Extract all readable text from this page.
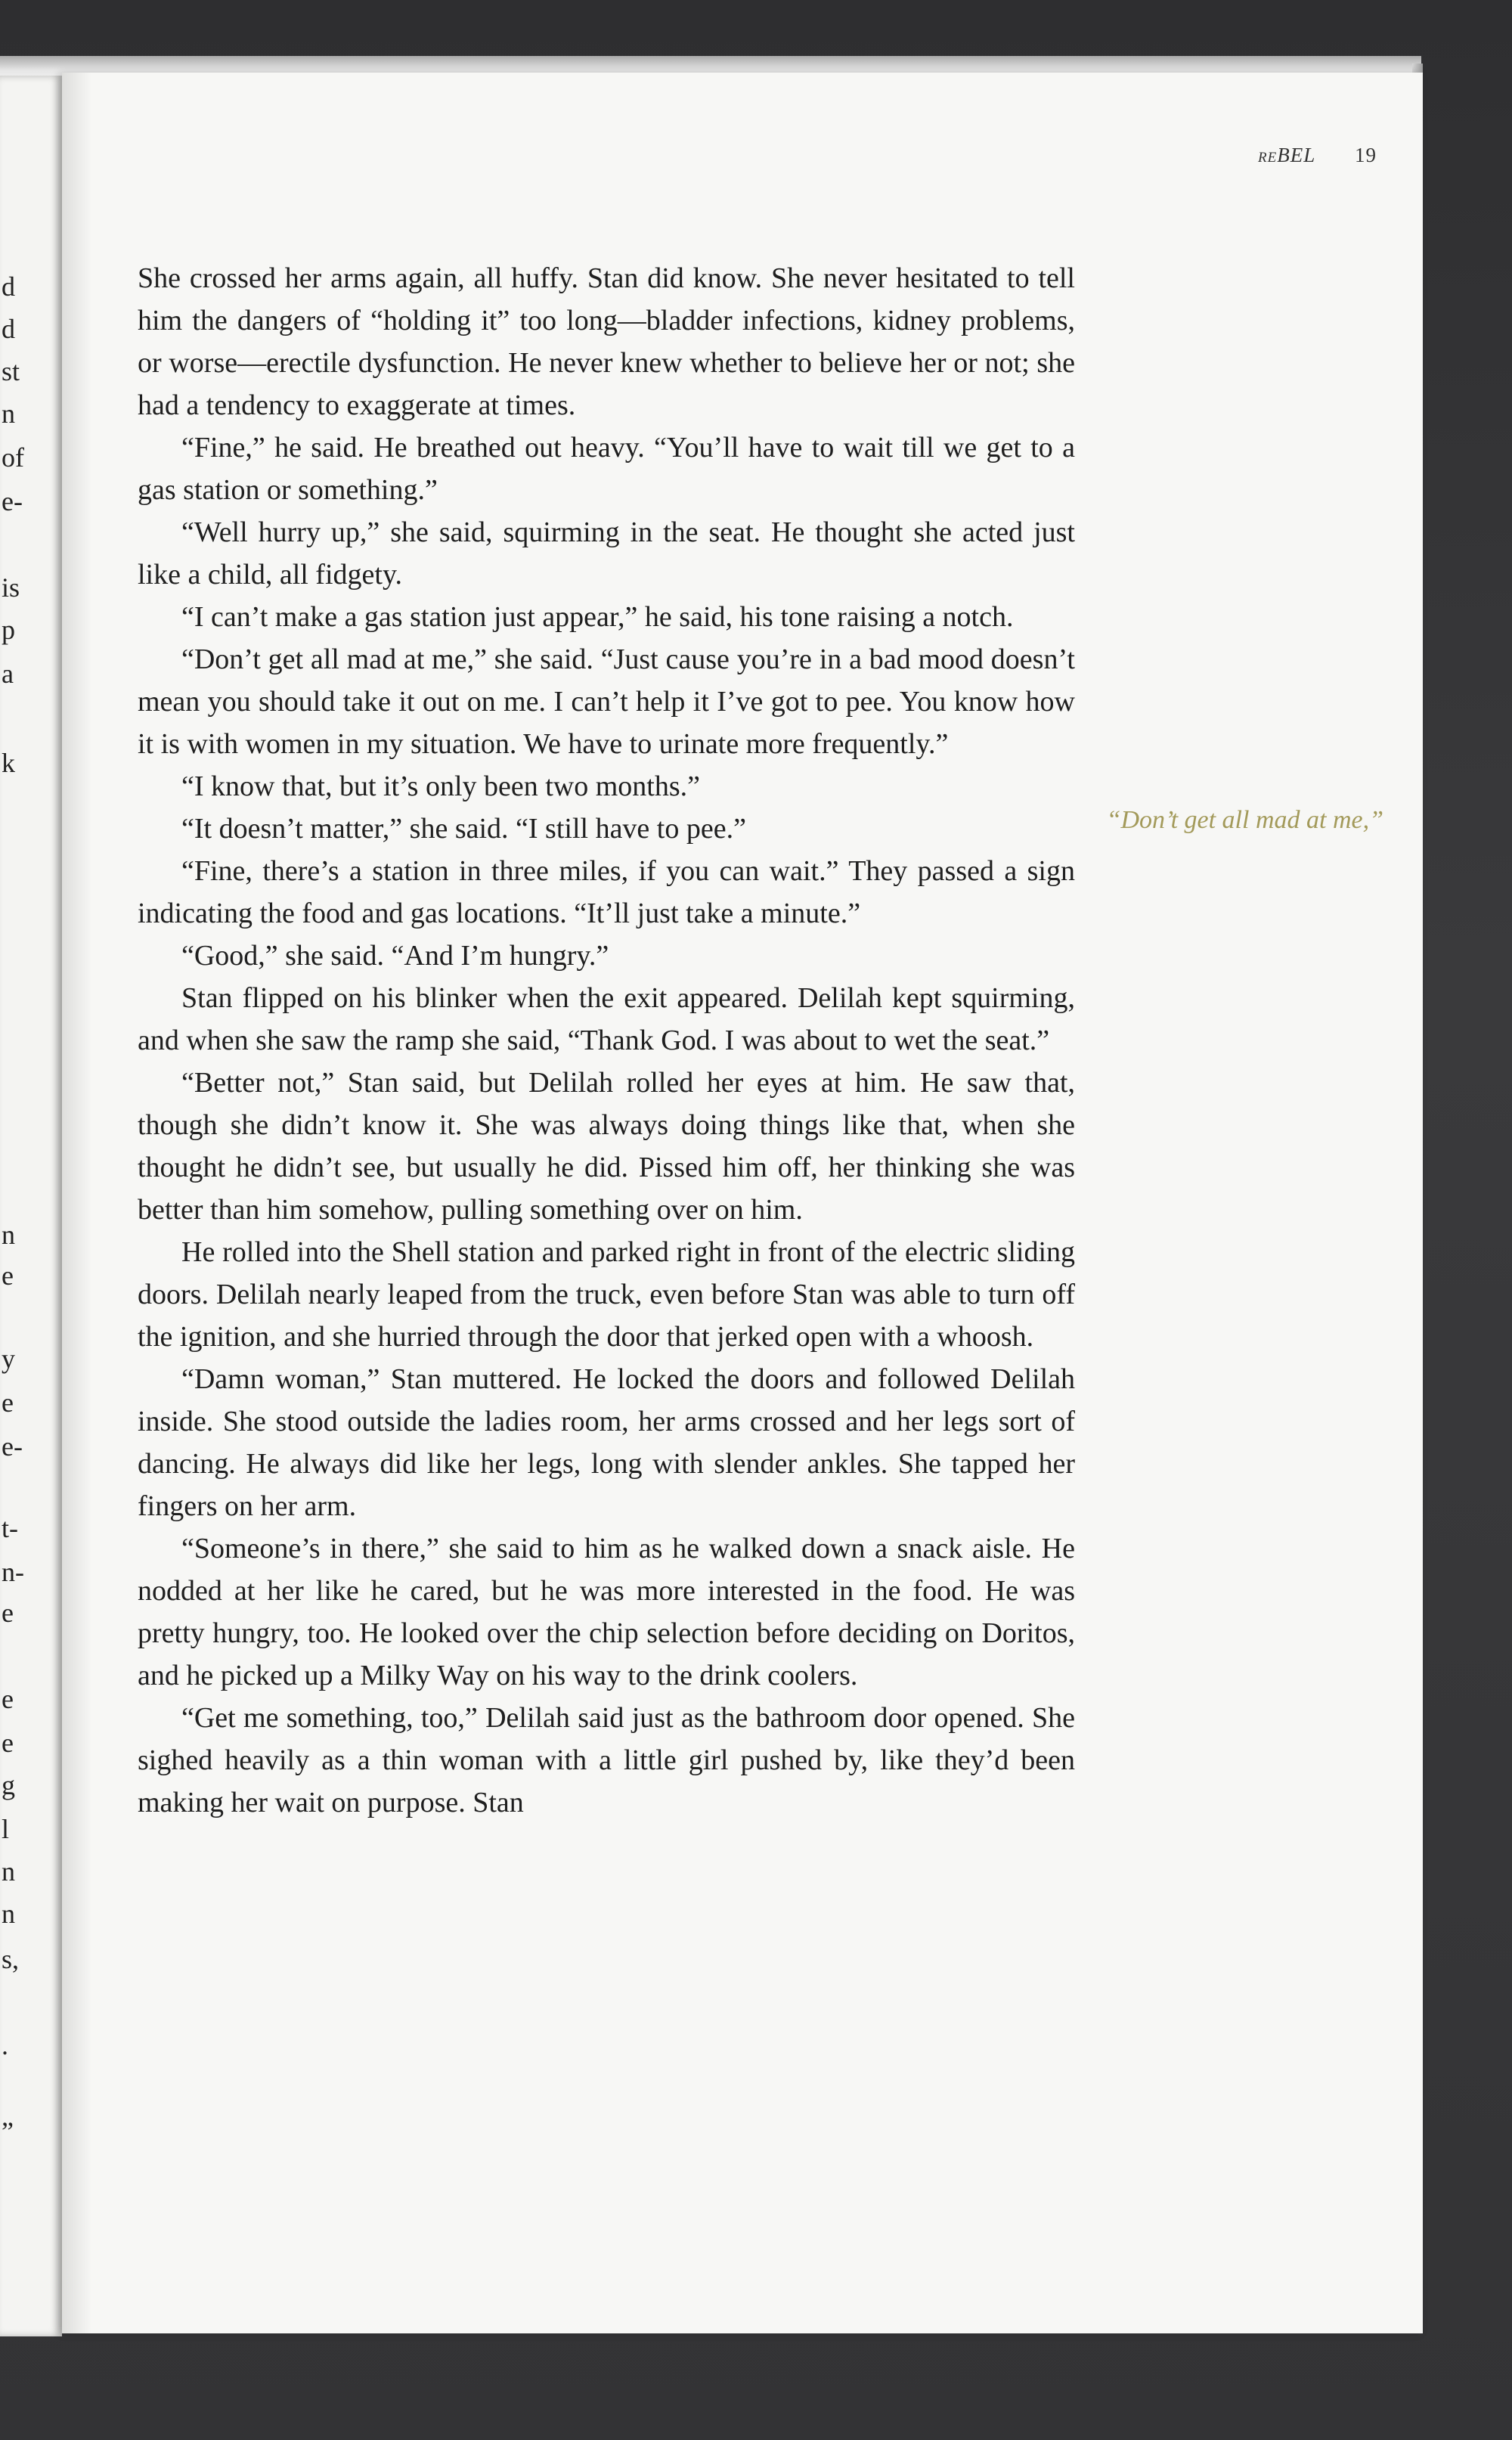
d
d
st
n
of
e-
is
p
a
k
n
e
y
e
e-
t-
n-
e
e
e
g
l
n
n
s,
.
”
reBEL 19

She crossed her arms again, all huffy. Stan did know. She never hesitated to tell him the dangers of “holding it” too long—bladder infections, kidney problems, or worse—erectile dysfunction. He never knew whether to believe her or not; she had a tendency to exaggerate at times.

“Fine,” he said. He breathed out heavy. “You’ll have to wait till we get to a gas station or something.”

“Well hurry up,” she said, squirming in the seat. He thought she acted just like a child, all fidgety.

“I can’t make a gas station just appear,” he said, his tone raising a notch.

“Don’t get all mad at me,” she said. “Just cause you’re in a bad mood doesn’t mean you should take it out on me. I can’t help it I’ve got to pee. You know how it is with women in my situation. We have to urinate more frequently.”

“I know that, but it’s only been two months.”

“It doesn’t matter,” she said. “I still have to pee.”

“Fine, there’s a station in three miles, if you can wait.” They passed a sign indicating the food and gas locations. “It’ll just take a minute.”

“Good,” she said. “And I’m hungry.”

Stan flipped on his blinker when the exit appeared. Delilah kept squirming, and when she saw the ramp she said, “Thank God. I was about to wet the seat.”

“Better not,” Stan said, but Delilah rolled her eyes at him. He saw that, though she didn’t know it. She was always doing things like that, when she thought he didn’t see, but usually he did. Pissed him off, her thinking she was better than him somehow, pulling something over on him.

He rolled into the Shell station and parked right in front of the electric sliding doors. Delilah nearly leaped from the truck, even before Stan was able to turn off the ignition, and she hurried through the door that jerked open with a whoosh.

“Damn woman,” Stan muttered. He locked the doors and followed Delilah inside. She stood outside the ladies room, her arms crossed and her legs sort of dancing. He always did like her legs, long with slender ankles. She tapped her fingers on her arm.

“Someone’s in there,” she said to him as he walked down a snack aisle. He nodded at her like he cared, but he was more interested in the food. He was pretty hungry, too. He looked over the chip selection before deciding on Doritos, and he picked up a Milky Way on his way to the drink coolers.

“Get me something, too,” Delilah said just as the bathroom door opened. She sighed heavily as a thin woman with a little girl pushed by, like they’d been making her wait on purpose. Stan

“Don’t get all mad at me,”
